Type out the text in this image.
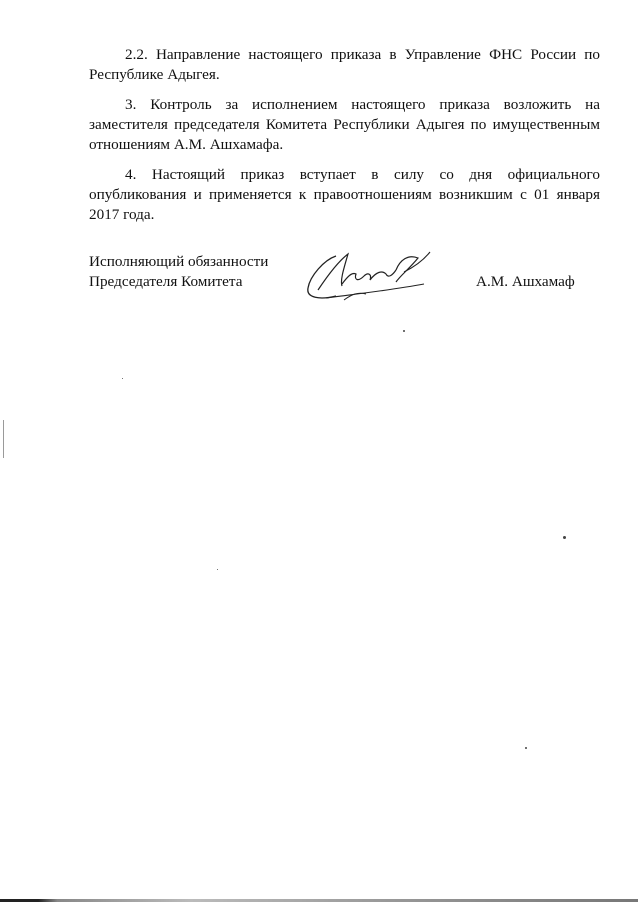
2.2. Направление настоящего приказа в Управление ФНС России по Республике Адыгея.

3. Контроль за исполнением настоящего приказа возложить на заместителя председателя Комитета Республики Адыгея по имущественным отношениям А.М. Ашхамафа.

4. Настоящий приказ вступает в силу со дня официального опубликования и применяется к правоотношениям возникшим с 01 января 2017 года.

Исполняющий обязанности
Председателя Комитета	А.М. Ашхамаф
